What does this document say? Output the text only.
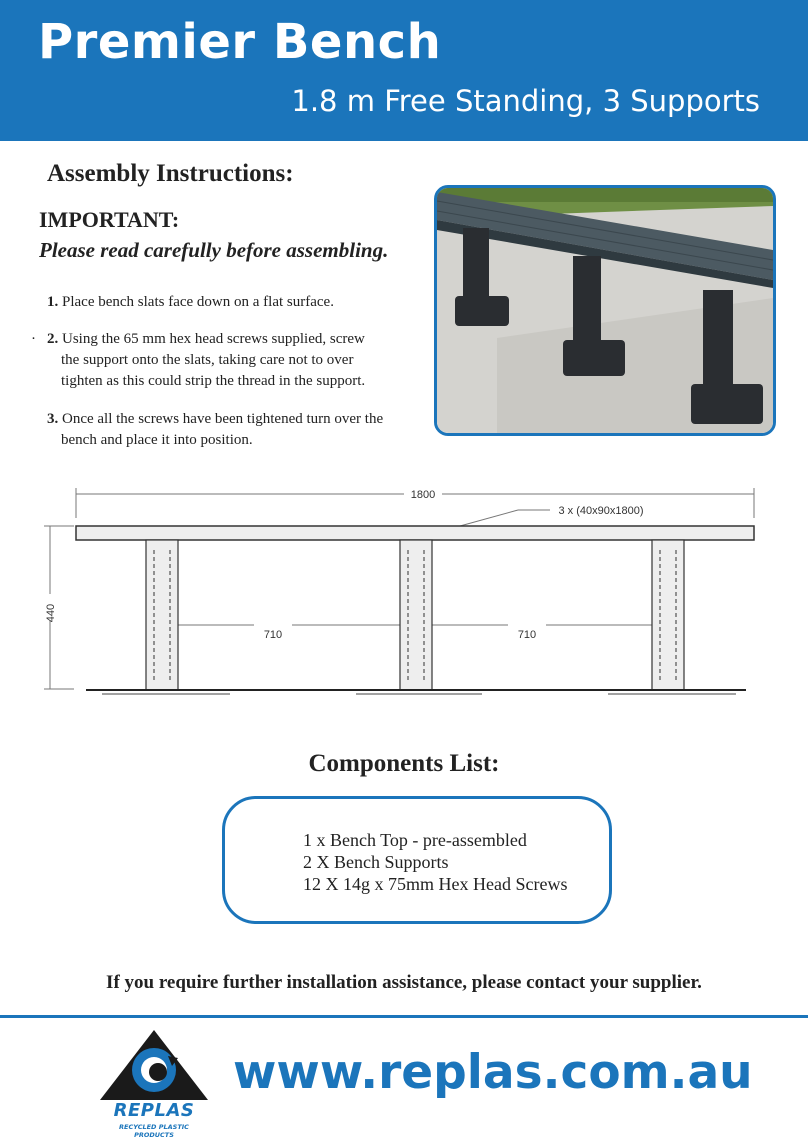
Premier Bench
1.8 m Free Standing, 3 Supports
Assembly Instructions:
IMPORTANT:
Please read carefully before assembling.
1. Place bench slats face down on a flat surface.
· 2. Using the 65 mm hex head screws supplied, screw
the support onto the slats, taking care not to over
tighten as this could strip the thread in the support.
3. Once all the screws have been tightened turn over the
bench and place it into position.
1800
3 x (40x90x1800)
440
710	710
Components List:
1 x Bench Top - pre-assembled
2 X Bench Supports
12 X 14g x 75mm Hex Head Screws
If you require further installation assistance, please contact your supplier.
REPLAS
RECYCLED PLASTIC PRODUCTS
www.replas.com.au
